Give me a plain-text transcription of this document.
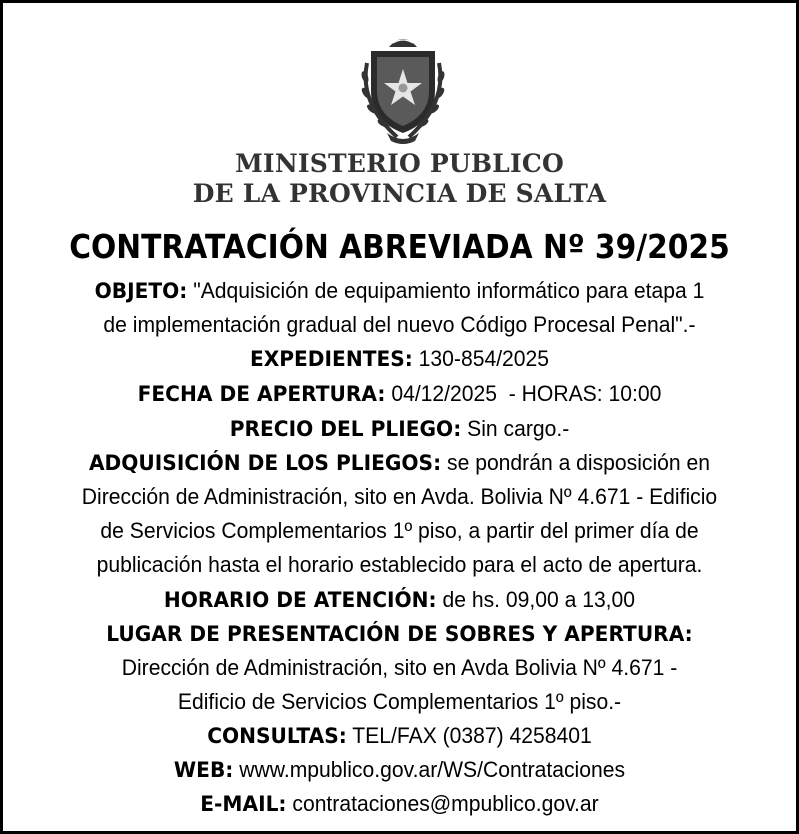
MINISTERIO PUBLICO
DE LA PROVINCIA DE SALTA
CONTRATACIÓN ABREVIADA Nº 39/2025
OBJETO: "Adquisición de equipamiento informático para etapa 1
de implementación gradual del nuevo Código Procesal Penal".-
EXPEDIENTES: 130-854/2025
FECHA DE APERTURA: 04/12/2025  - HORAS: 10:00
PRECIO DEL PLIEGO: Sin cargo.-
ADQUISICIÓN DE LOS PLIEGOS: se pondrán a disposición en
Dirección de Administración, sito en Avda. Bolivia Nº 4.671 - Edificio
de Servicios Complementarios 1º piso, a partir del primer día de
publicación hasta el horario establecido para el acto de apertura.
HORARIO DE ATENCIÓN: de hs. 09,00 a 13,00
LUGAR DE PRESENTACIÓN DE SOBRES Y APERTURA:
Dirección de Administración, sito en Avda Bolivia Nº 4.671 -
Edificio de Servicios Complementarios 1º piso.-
CONSULTAS: TEL/FAX (0387) 4258401
WEB: www.mpublico.gov.ar/WS/Contrataciones
E-MAIL: contrataciones@mpublico.gov.ar
